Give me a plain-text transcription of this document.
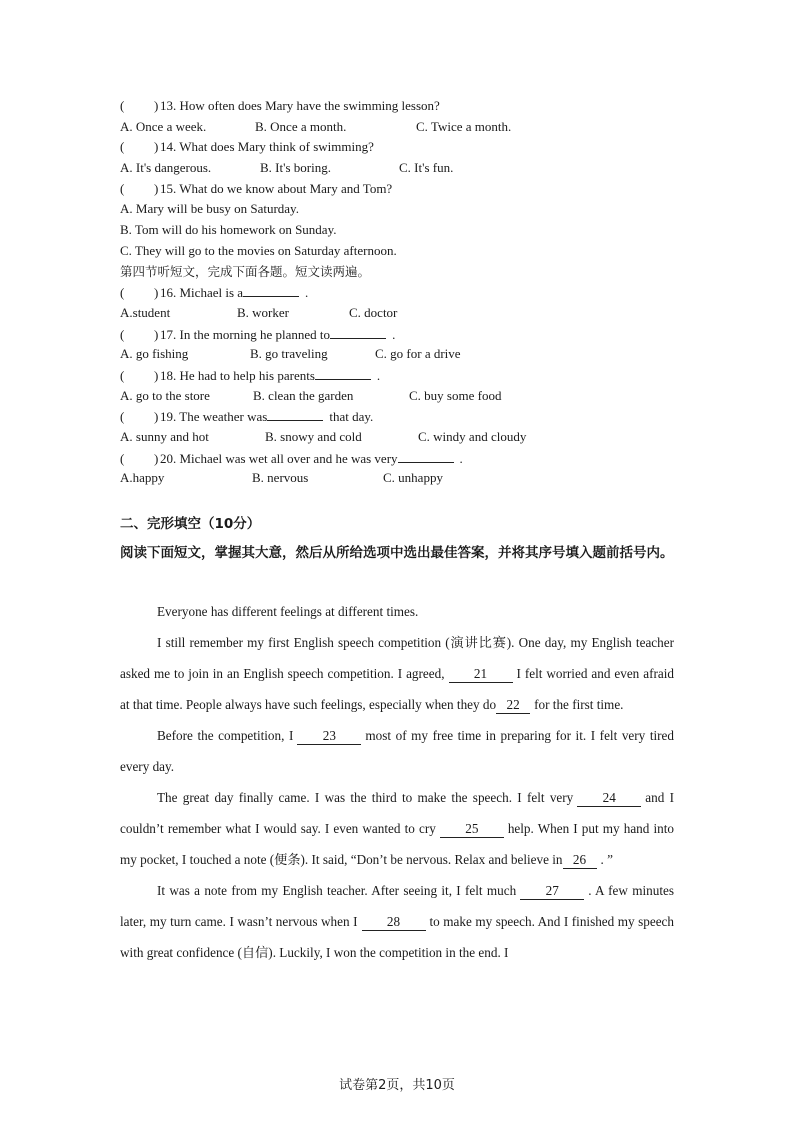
( ) 13. How often does Mary have the swimming lesson?
A. Once a week.	B. Once a month.	C. Twice a month.
( ) 14. What does Mary think of swimming?
A. It's dangerous.	B. It's boring.	C. It's fun.
( ) 15. What do we know about Mary and Tom?
A. Mary will be busy on Saturday.
B. Tom will do his homework on Sunday.
C. They will go to the movies on Saturday afternoon.
第四节听短文，完成下面各题。短文读两遍。
( ) 16. Michael is a	.
A.student	B. worker	C. doctor
( ) 17. In the morning he planned to	.
A. go fishing	B. go traveling	C. go for a drive
( ) 18. He had to help his parents	.
A. go to the store	B. clean the garden	C. buy some food
( ) 19. The weather was	that day.
A. sunny and hot	B. snowy and cold	C. windy and cloudy
( ) 20. Michael was wet all over and he was very	.
A.happy	B. nervous	C. unhappy
二、完形填空（10分）
阅读下面短文，掌握其大意，然后从所给选项中选出最佳答案，并将其序号填入题前括号内。

Everyone has different feelings at different times.

I still remember my first English speech competition (演讲比赛). One day, my English teacher asked me to join in an English speech competition. I agreed, 21 I felt worried and even afraid at that time. People always have such feelings, especially when they do 22 for the first time.

Before the competition, I 23 most of my free time in preparing for it. I felt very tired every day.

The great day finally came. I was the third to make the speech. I felt very 24 and I couldn’t remember what I would say. I even wanted to cry 25 help. When I put my hand into my pocket, I touched a note (便条). It said, “Don’t be nervous. Relax and believe in 26 . ”

It was a note from my English teacher. After seeing it, I felt much 27 . A few minutes later, my turn came. I wasn’t nervous when I 28 to make my speech. And I finished my speech with great confidence (自信). Luckily, I won the competition in the end. I

试卷第2页，共10页
